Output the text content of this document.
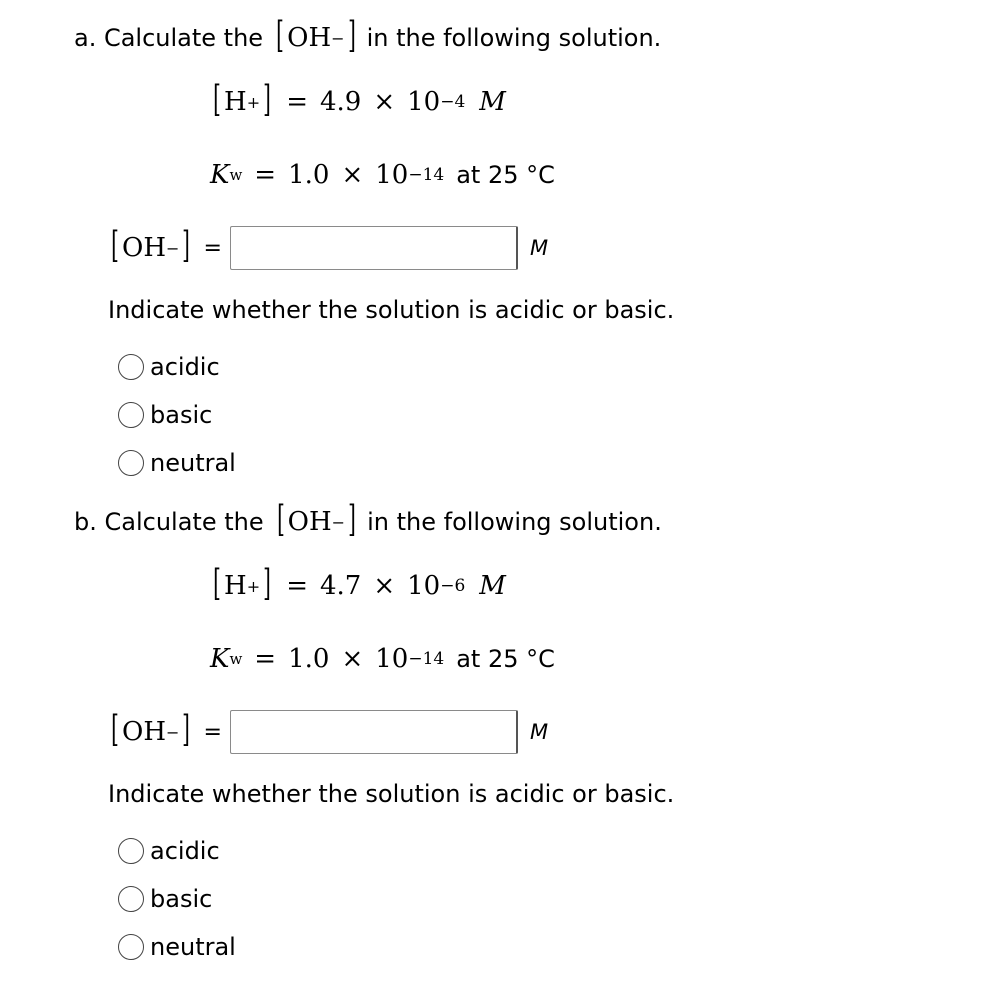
a. Calculate the [ OH − ] in the following solution.
[ H + ] = 4.9 × 10 −4 M
K w = 1.0 × 10 −14 at 25 °C
[ OH − ] =	M
Indicate whether the solution is acidic or basic.
acidic
basic
neutral
b. Calculate the [ OH − ] in the following solution.
[ H + ] = 4.7 × 10 −6 M
K w = 1.0 × 10 −14 at 25 °C
[ OH − ] =	M
Indicate whether the solution is acidic or basic.
acidic
basic
neutral
